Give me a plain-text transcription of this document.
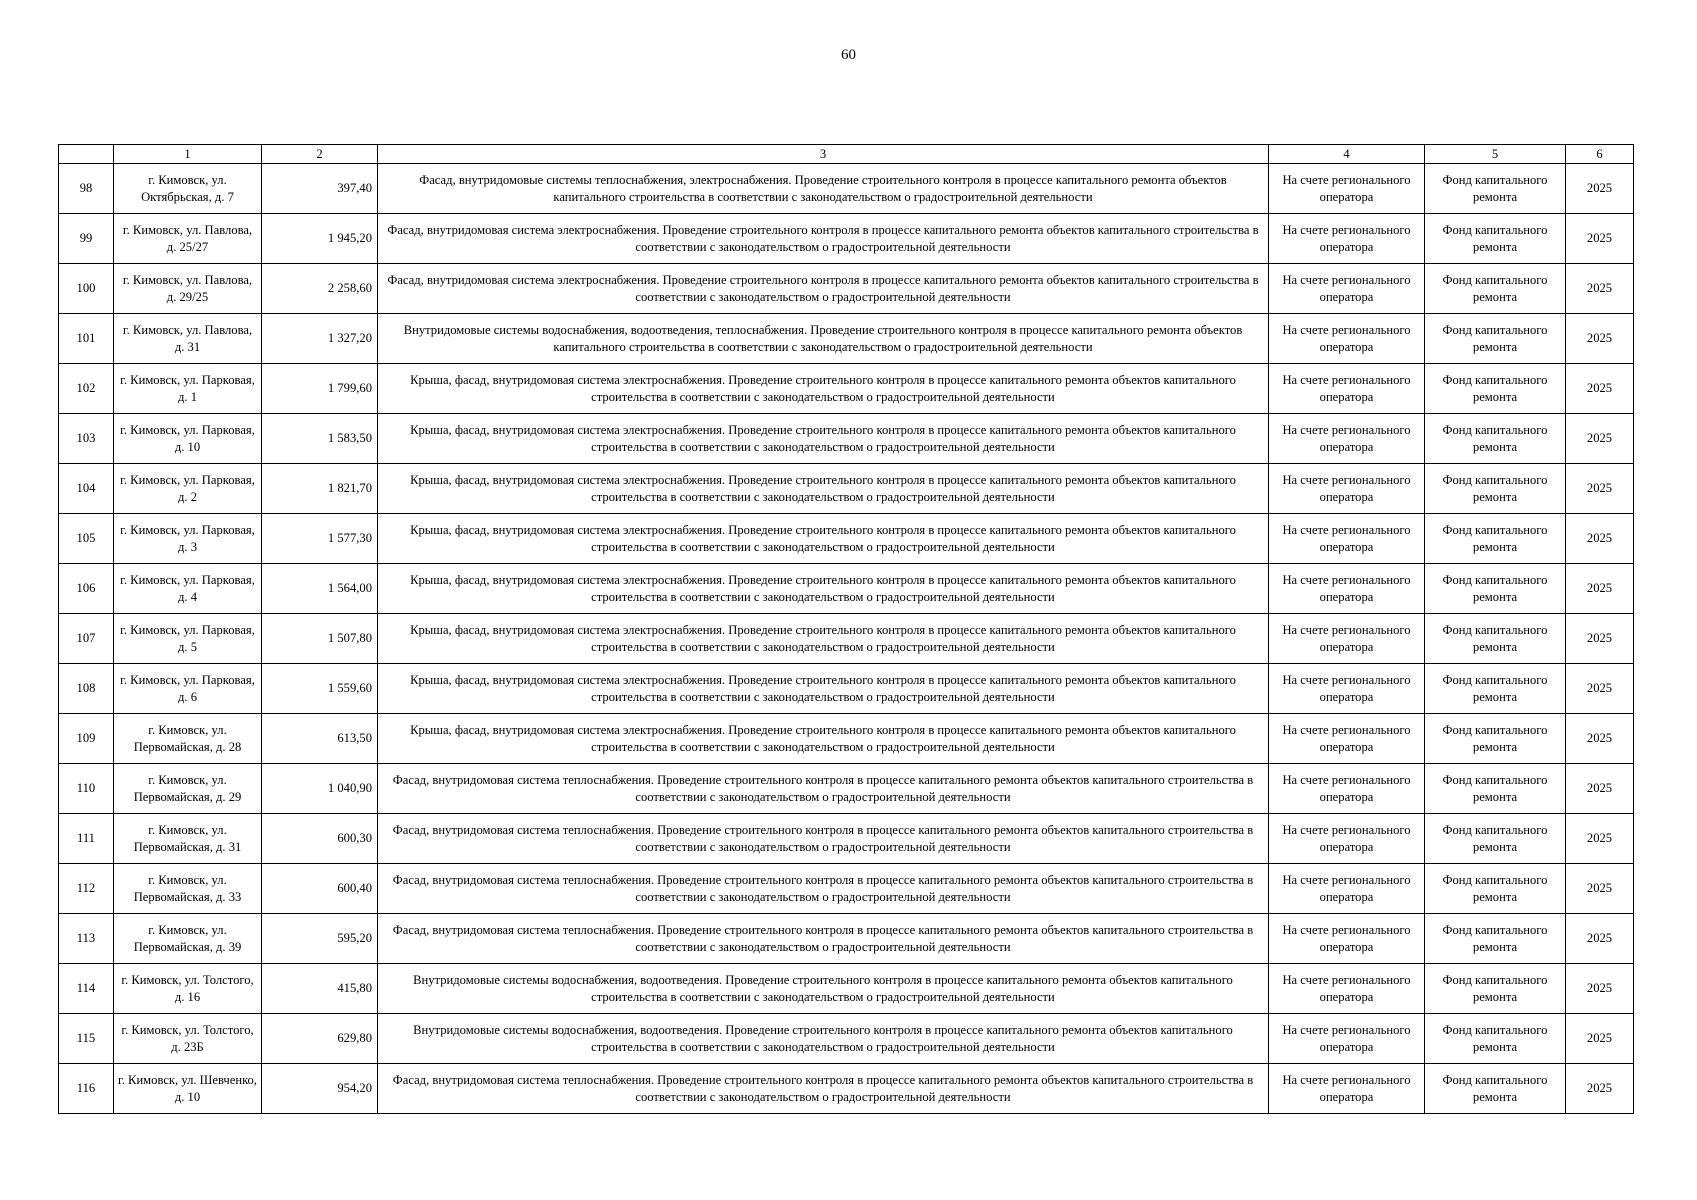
60
	1	2	3	4	5	6
98	г. Кимовск, ул. Октябрьская, д. 7	397,40	Фасад, внутридомовые системы теплоснабжения, электроснабжения. Проведение строительного контроля в процессе капитального ремонта объектов капитального строительства в соответствии с законодательством о градостроительной деятельности	На счете регионального оператора	Фонд капитального ремонта	2025
99	г. Кимовск, ул. Павлова, д. 25/27	1 945,20	Фасад, внутридомовая система электроснабжения. Проведение строительного контроля в процессе капитального ремонта объектов капитального строительства в соответствии с законодательством о градостроительной деятельности	На счете регионального оператора	Фонд капитального ремонта	2025
100	г. Кимовск, ул. Павлова, д. 29/25	2 258,60	Фасад, внутридомовая система электроснабжения. Проведение строительного контроля в процессе капитального ремонта объектов капитального строительства в соответствии с законодательством о градостроительной деятельности	На счете регионального оператора	Фонд капитального ремонта	2025
101	г. Кимовск, ул. Павлова, д. 31	1 327,20	Внутридомовые системы водоснабжения, водоотведения, теплоснабжения. Проведение строительного контроля в процессе капитального ремонта объектов капитального строительства в соответствии с законодательством о градостроительной деятельности	На счете регионального оператора	Фонд капитального ремонта	2025
102	г. Кимовск, ул. Парковая, д. 1	1 799,60	Крыша, фасад, внутридомовая система электроснабжения. Проведение строительного контроля в процессе капитального ремонта объектов капитального строительства в соответствии с законодательством о градостроительной деятельности	На счете регионального оператора	Фонд капитального ремонта	2025
103	г. Кимовск, ул. Парковая, д. 10	1 583,50	Крыша, фасад, внутридомовая система электроснабжения. Проведение строительного контроля в процессе капитального ремонта объектов капитального строительства в соответствии с законодательством о градостроительной деятельности	На счете регионального оператора	Фонд капитального ремонта	2025
104	г. Кимовск, ул. Парковая, д. 2	1 821,70	Крыша, фасад, внутридомовая система электроснабжения. Проведение строительного контроля в процессе капитального ремонта объектов капитального строительства в соответствии с законодательством о градостроительной деятельности	На счете регионального оператора	Фонд капитального ремонта	2025
105	г. Кимовск, ул. Парковая, д. 3	1 577,30	Крыша, фасад, внутридомовая система электроснабжения. Проведение строительного контроля в процессе капитального ремонта объектов капитального строительства в соответствии с законодательством о градостроительной деятельности	На счете регионального оператора	Фонд капитального ремонта	2025
106	г. Кимовск, ул. Парковая, д. 4	1 564,00	Крыша, фасад, внутридомовая система электроснабжения. Проведение строительного контроля в процессе капитального ремонта объектов капитального строительства в соответствии с законодательством о градостроительной деятельности	На счете регионального оператора	Фонд капитального ремонта	2025
107	г. Кимовск, ул. Парковая, д. 5	1 507,80	Крыша, фасад, внутридомовая система электроснабжения. Проведение строительного контроля в процессе капитального ремонта объектов капитального строительства в соответствии с законодательством о градостроительной деятельности	На счете регионального оператора	Фонд капитального ремонта	2025
108	г. Кимовск, ул. Парковая, д. 6	1 559,60	Крыша, фасад, внутридомовая система электроснабжения. Проведение строительного контроля в процессе капитального ремонта объектов капитального строительства в соответствии с законодательством о градостроительной деятельности	На счете регионального оператора	Фонд капитального ремонта	2025
109	г. Кимовск, ул. Первомайская, д. 28	613,50	Крыша, фасад, внутридомовая система электроснабжения. Проведение строительного контроля в процессе капитального ремонта объектов капитального строительства в соответствии с законодательством о градостроительной деятельности	На счете регионального оператора	Фонд капитального ремонта	2025
110	г. Кимовск, ул. Первомайская, д. 29	1 040,90	Фасад, внутридомовая система теплоснабжения. Проведение строительного контроля в процессе капитального ремонта объектов капитального строительства в соответствии с законодательством о градостроительной деятельности	На счете регионального оператора	Фонд капитального ремонта	2025
111	г. Кимовск, ул. Первомайская, д. 31	600,30	Фасад, внутридомовая система теплоснабжения. Проведение строительного контроля в процессе капитального ремонта объектов капитального строительства в соответствии с законодательством о градостроительной деятельности	На счете регионального оператора	Фонд капитального ремонта	2025
112	г. Кимовск, ул. Первомайская, д. 33	600,40	Фасад, внутридомовая система теплоснабжения. Проведение строительного контроля в процессе капитального ремонта объектов капитального строительства в соответствии с законодательством о градостроительной деятельности	На счете регионального оператора	Фонд капитального ремонта	2025
113	г. Кимовск, ул. Первомайская, д. 39	595,20	Фасад, внутридомовая система теплоснабжения. Проведение строительного контроля в процессе капитального ремонта объектов капитального строительства в соответствии с законодательством о градостроительной деятельности	На счете регионального оператора	Фонд капитального ремонта	2025
114	г. Кимовск, ул. Толстого, д. 16	415,80	Внутридомовые системы водоснабжения, водоотведения. Проведение строительного контроля в процессе капитального ремонта объектов капитального строительства в соответствии с законодательством о градостроительной деятельности	На счете регионального оператора	Фонд капитального ремонта	2025
115	г. Кимовск, ул. Толстого, д. 23Б	629,80	Внутридомовые системы водоснабжения, водоотведения. Проведение строительного контроля в процессе капитального ремонта объектов капитального строительства в соответствии с законодательством о градостроительной деятельности	На счете регионального оператора	Фонд капитального ремонта	2025
116	г. Кимовск, ул. Шевченко, д. 10	954,20	Фасад, внутридомовая система теплоснабжения. Проведение строительного контроля в процессе капитального ремонта объектов капитального строительства в соответствии с законодательством о градостроительной деятельности	На счете регионального оператора	Фонд капитального ремонта	2025
